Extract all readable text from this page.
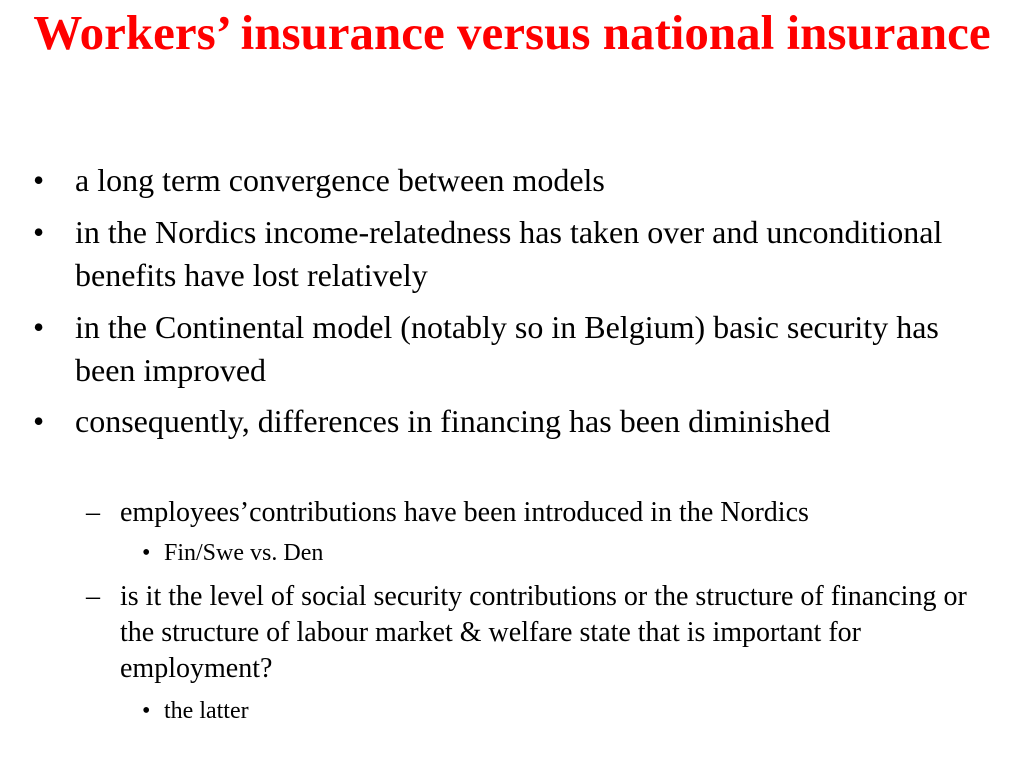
Workers’ insurance versus national insurance
• a long term convergence between models
• in the Nordics income-relatedness has taken over and unconditional benefits have lost relatively
• in the Continental model (notably so in Belgium) basic security has been improved
• consequently, differences in financing has been diminished
– employees’contributions have been introduced in the Nordics
• Fin/Swe vs. Den
– is it the level of social security contributions or the structure of financing or the structure of labour market & welfare state that is important for employment?
• the latter
